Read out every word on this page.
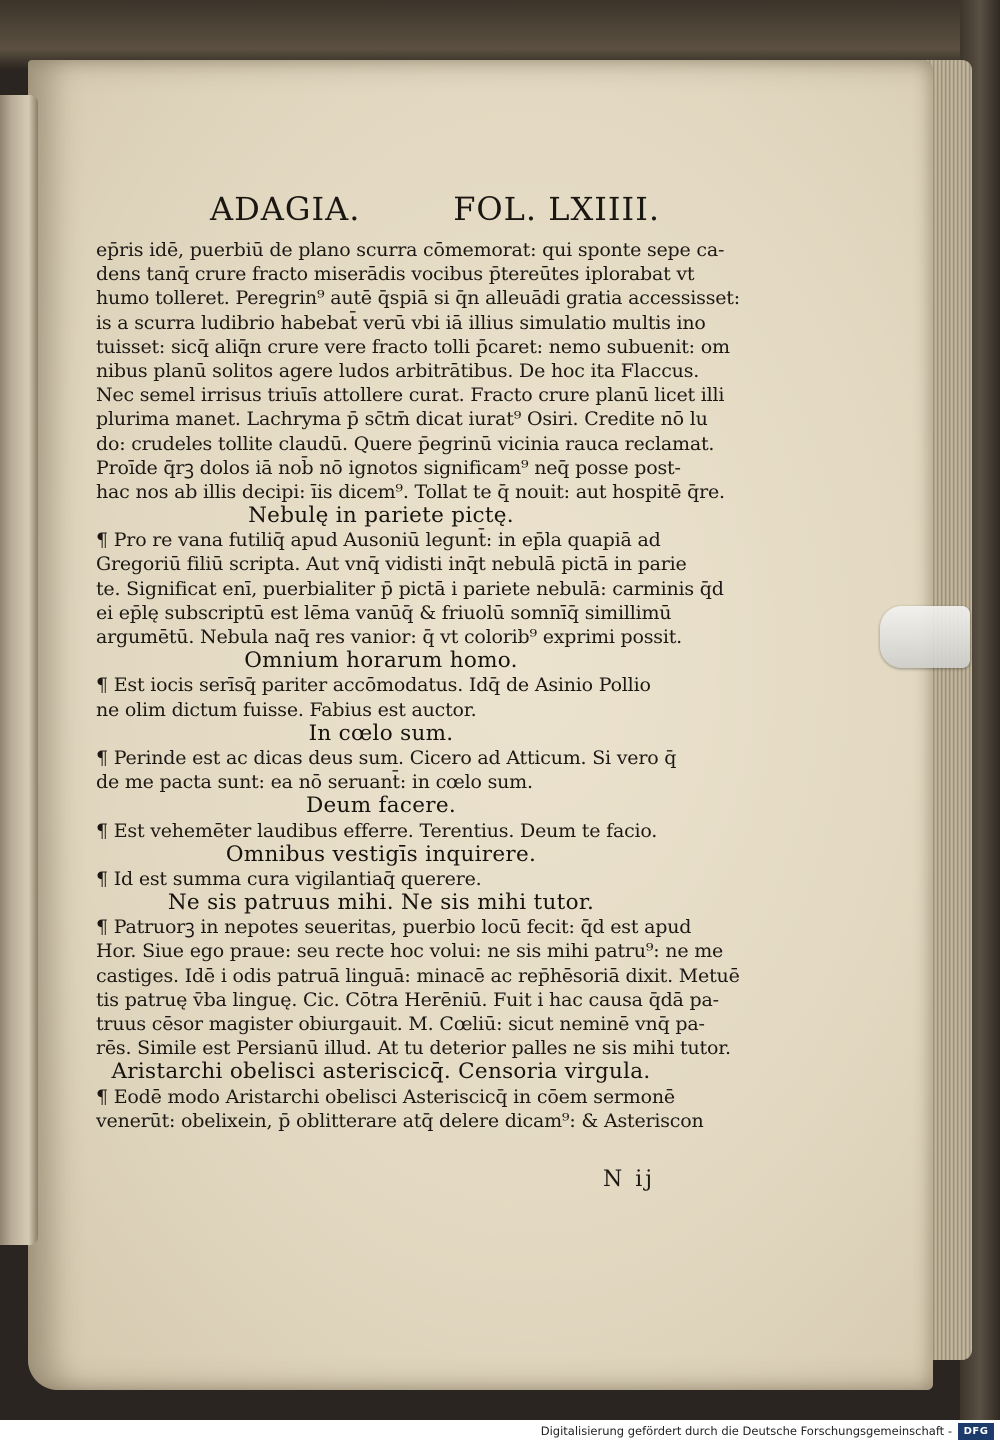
ADAGIA.	FOL. LXIIII.
ep̄ris idē, puerbiū de plano scurra cōmemorat: qui sponte sepe ca-
dens tanq̄ crure fracto miserādis vocibus p̄tereūtes iplorabat vt
humo tolleret. Peregrin⁹ autē q̄spiā si q̄n alleuādi gratia accessisset:
is a scurra ludibrio habebat̄ verū vbi iā illius simulatio multis ino
tuisset: sicq̄ aliq̄n crure vere fracto tolli p̄caret: nemo subuenit: om
nibus planū solitos agere ludos arbitrātibus. De hoc ita Flaccus.
Nec semel irrisus triuīs attollere curat. Fracto crure planū licet illi
plurima manet. Lachryma p̄ sc̄tm̄ dicat iurat⁹ Osiri. Credite nō lu
do: crudeles tollite claudū. Quere p̄egrinū vicinia rauca reclamat.
Proīde q̄rꝫ dolos iā nob̄ nō ignotos significam⁹ neq̄ posse post-
hac nos ab illis decipi: īis dicem⁹. Tollat te q̄ nouit: aut hospitē q̄re.
Nebulę in pariete pictę.
¶ Pro re vana futiliq̄ apud Ausoniū legunt̄: in ep̄la quapiā ad
Gregoriū filiū scripta. Aut vnq̄ vidisti inq̄t nebulā pictā in parie
te. Significat enī, puerbialiter p̄ pictā i pariete nebulā: carminis q̄d
ei ep̄lę subscriptū est lēma vanūq̄ & friuolū somnīq̄ simillimū
argumētū. Nebula naq̄ res vanior: q̄ vt colorib⁹ exprimi possit.
Omnium horarum homo.
¶ Est iocis serīsq̄ pariter accōmodatus. Idq̄ de Asinio Pollio
ne olim dictum fuisse. Fabius est auctor.
In cœlo sum.
¶ Perinde est ac dicas deus sum. Cicero ad Atticum. Si vero q̄
de me pacta sunt: ea nō seruant̄: in cœlo sum.
Deum facere.
¶ Est vehemēter laudibus efferre. Terentius. Deum te facio.
Omnibus vestigīs inquirere.
¶ Id est summa cura vigilantiaq̄ querere.
Ne sis patruus mihi. Ne sis mihi tutor.
¶ Patruorꝫ in nepotes seueritas, puerbio locū fecit: q̄d est apud
Hor. Siue ego praue: seu recte hoc volui: ne sis mihi patru⁹: ne me
castiges. Idē i odis patruā linguā: minacē ac rep̄hēsoriā dixit. Metuē
tis patruę v̄ba linguę. Cic. Cōtra Herēniū. Fuit i hac causa q̄dā pa-
truus cēsor magister obiurgauit. M. Cœliū: sicut neminē vnq̄ pa-
rēs. Simile est Persianū illud. At tu deterior palles ne sis mihi tutor.
Aristarchi obelisci asteriscicq̄. Censoria virgula.
¶ Eodē modo Aristarchi obelisci Asteriscicq̄ in cōem sermonē
venerūt: obelixein, p̄ oblitterare atq̄ delere dicam⁹: & Asteriscon
N ij
Digitalisierung gefördert durch die Deutsche Forschungsgemeinschaft -	DFG
